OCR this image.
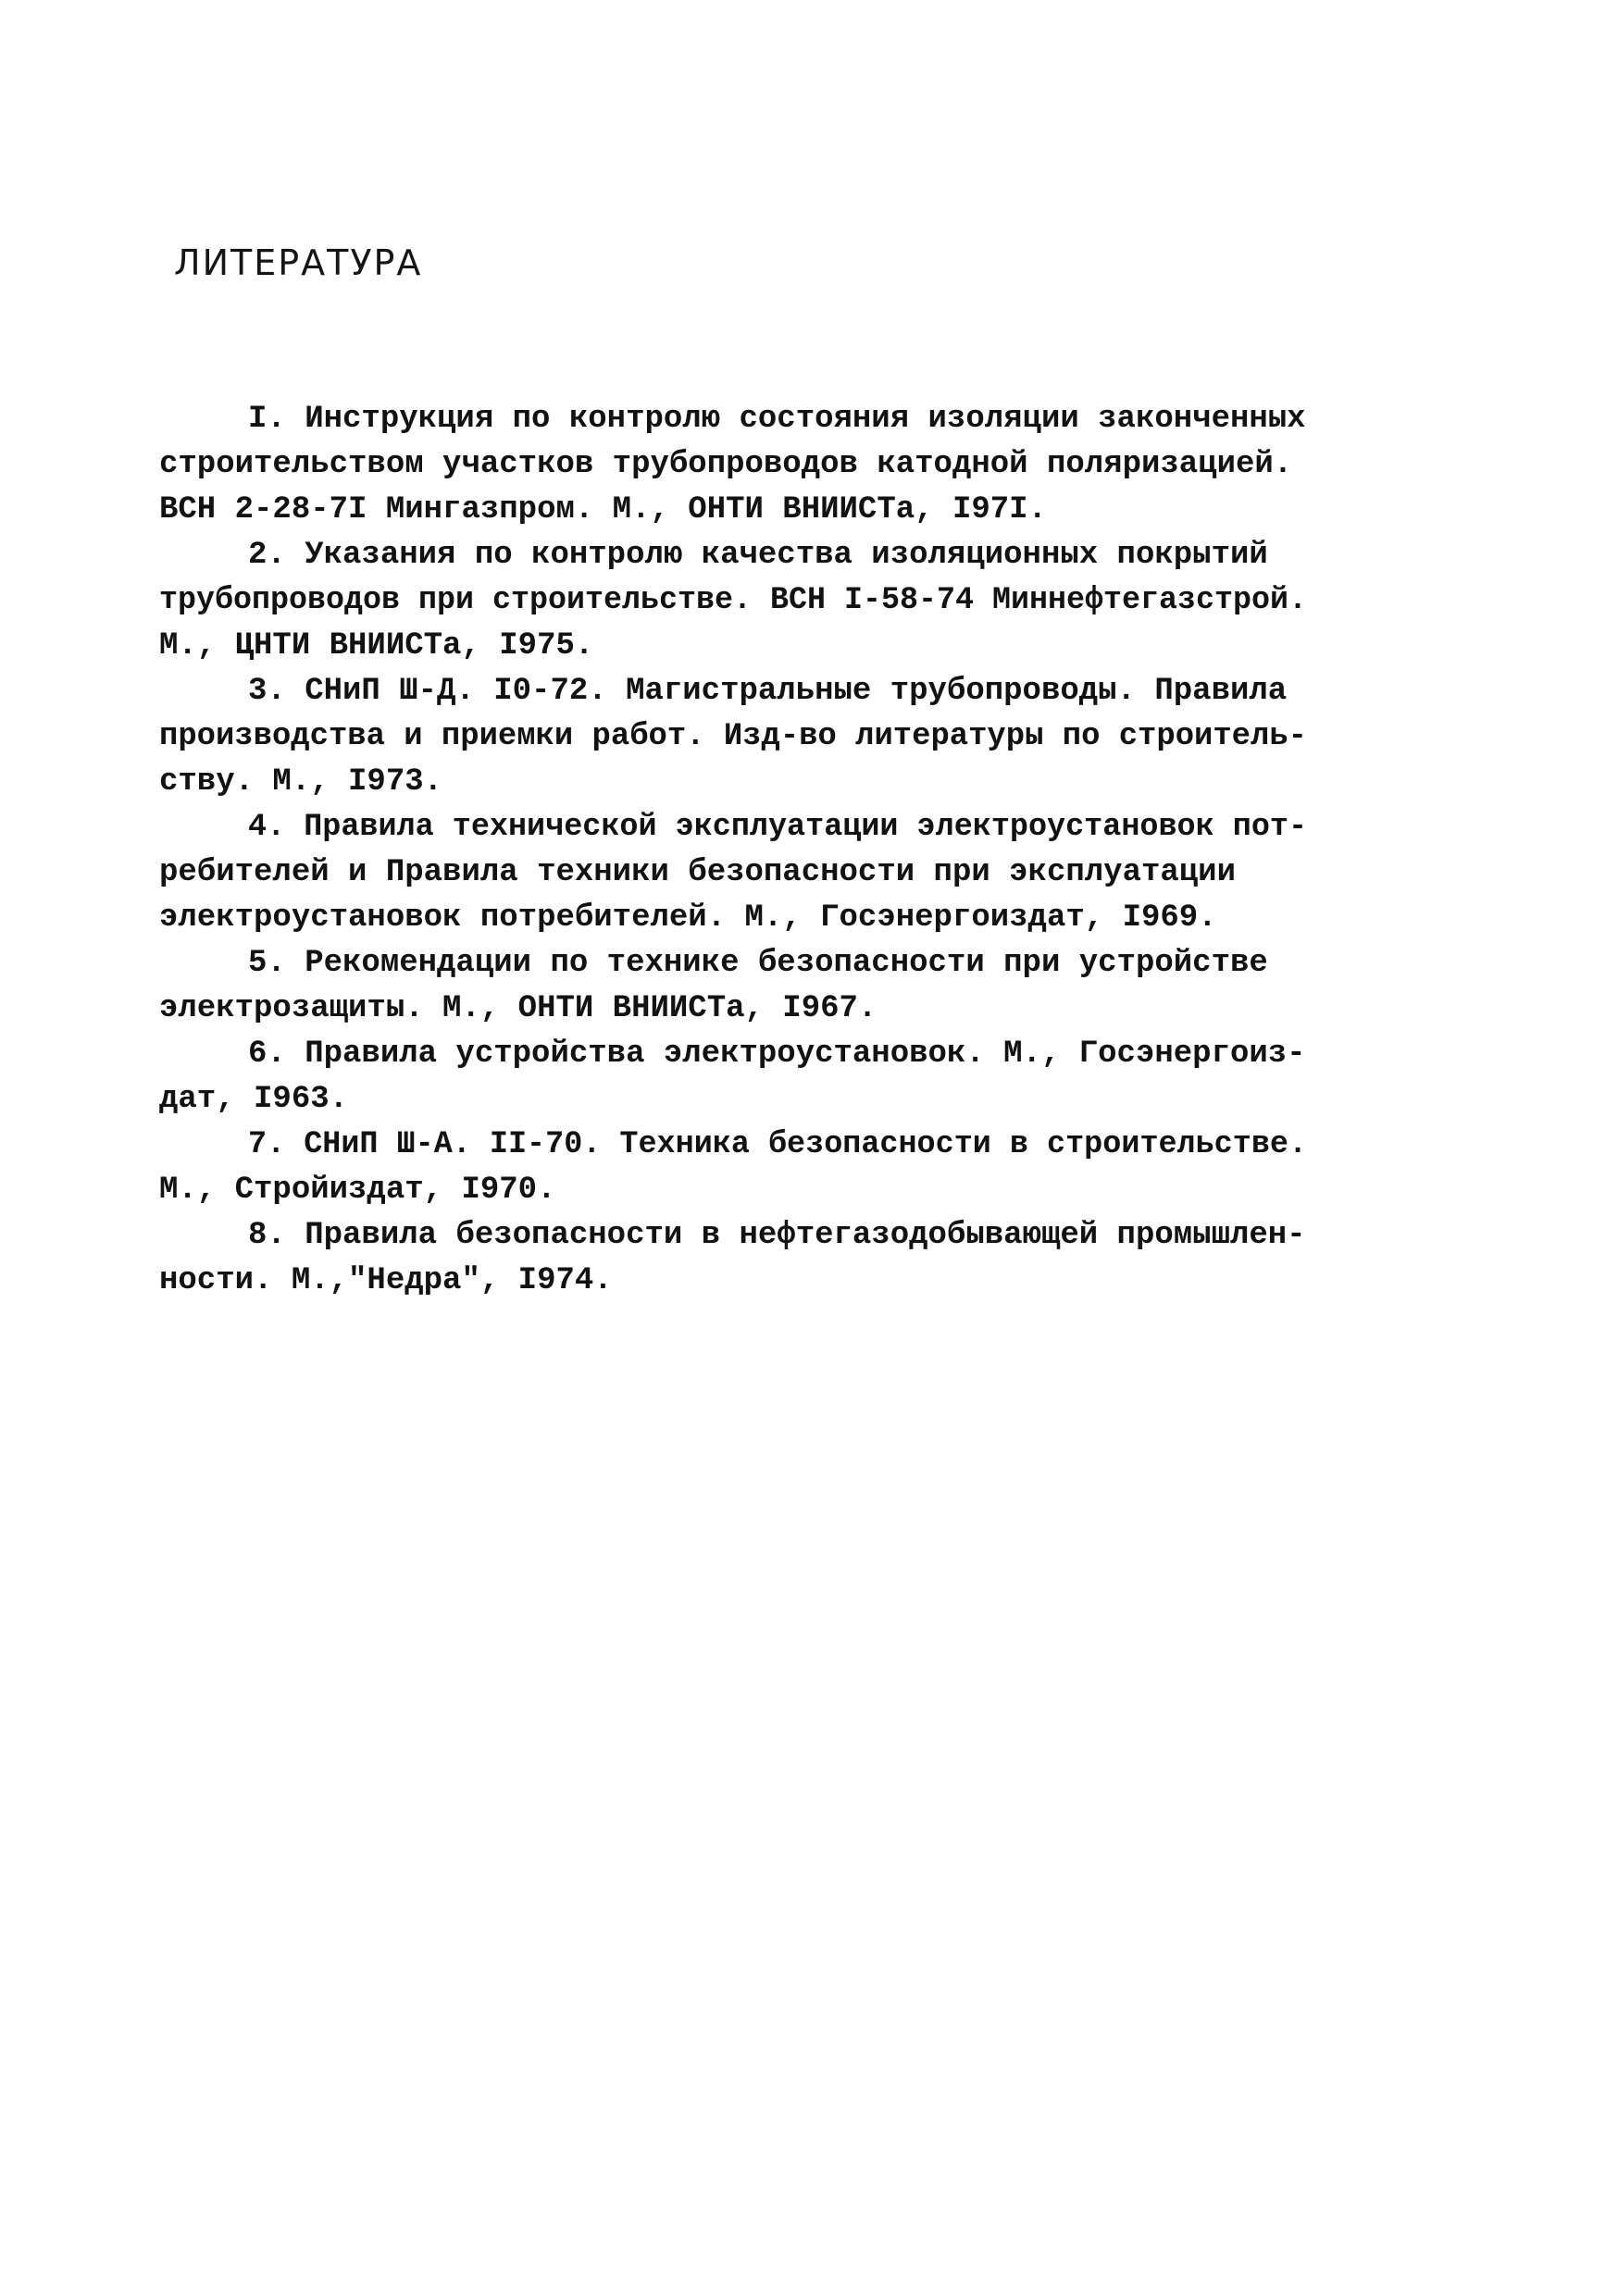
ЛИТЕРАТУРА
I. Инструкция по контролю состояния изоляции законченных
строительством участков трубопроводов катодной поляризацией.
ВСН 2-28-7I Мингазпром. М., ОНТИ ВНИИСТа, I97I.
2. Указания по контролю качества изоляционных покрытий
трубопроводов при строительстве. ВСН I-58-74 Миннефтегазстрой.
М., ЦНТИ ВНИИСТа, I975.
3. СНиП Ш-Д. I0-72. Магистральные трубопроводы. Правила
производства и приемки работ. Изд-во литературы по строитель-
ству. М., I973.
4. Правила технической эксплуатации электроустановок пот-
ребителей и Правила техники безопасности при эксплуатации
электроустановок потребителей. М., Госэнергоиздат, I969.
5. Рекомендации по технике безопасности при устройстве
электрозащиты. М., ОНТИ ВНИИСТа, I967.
6. Правила устройства электроустановок. М., Госэнергоиз-
дат, I963.
7. СНиП Ш-А. II-70. Техника безопасности в строительстве.
М., Стройиздат, I970.
8. Правила безопасности в нефтегазодобывающей промышлен-
ности. М.,"Недра", I974.
